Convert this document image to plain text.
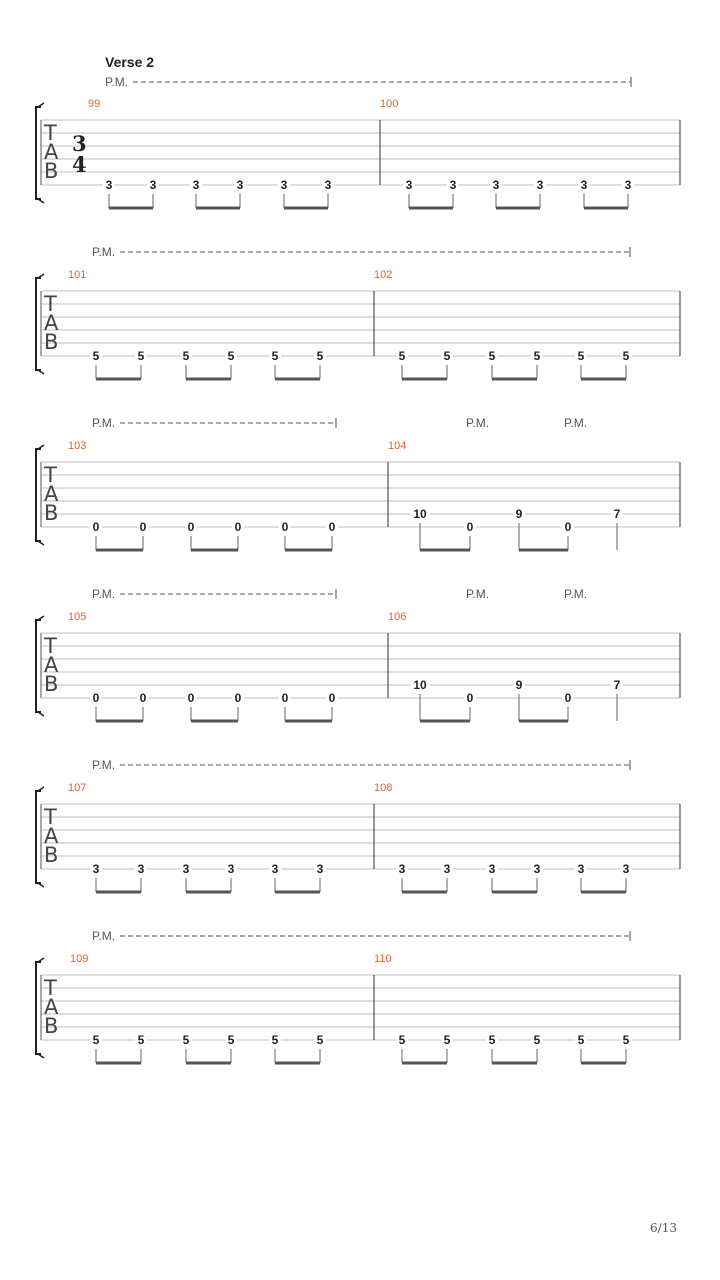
Verse 2
P.M.
T
A
B
3
4
99
3	3	3	3	3	3
100
3	3	3	3	3	3
P.M.
T
A
B
101
5	5	5	5	5	5
102
5	5	5	5	5	5
P.M.	P.M.	P.M.
T
A
B
103
0	0	0	0	0	0
104
10
0
9
0
7
P.M.	P.M.	P.M.
T
A
B
105
0	0	0	0	0	0
106
10
0
9
0
7
P.M.
T
A
B
107
3	3	3	3	3	3
108
3	3	3	3	3	3
P.M.
T
A
B
109
5	5	5	5	5	5
110
5	5	5	5	5	5
6/13
